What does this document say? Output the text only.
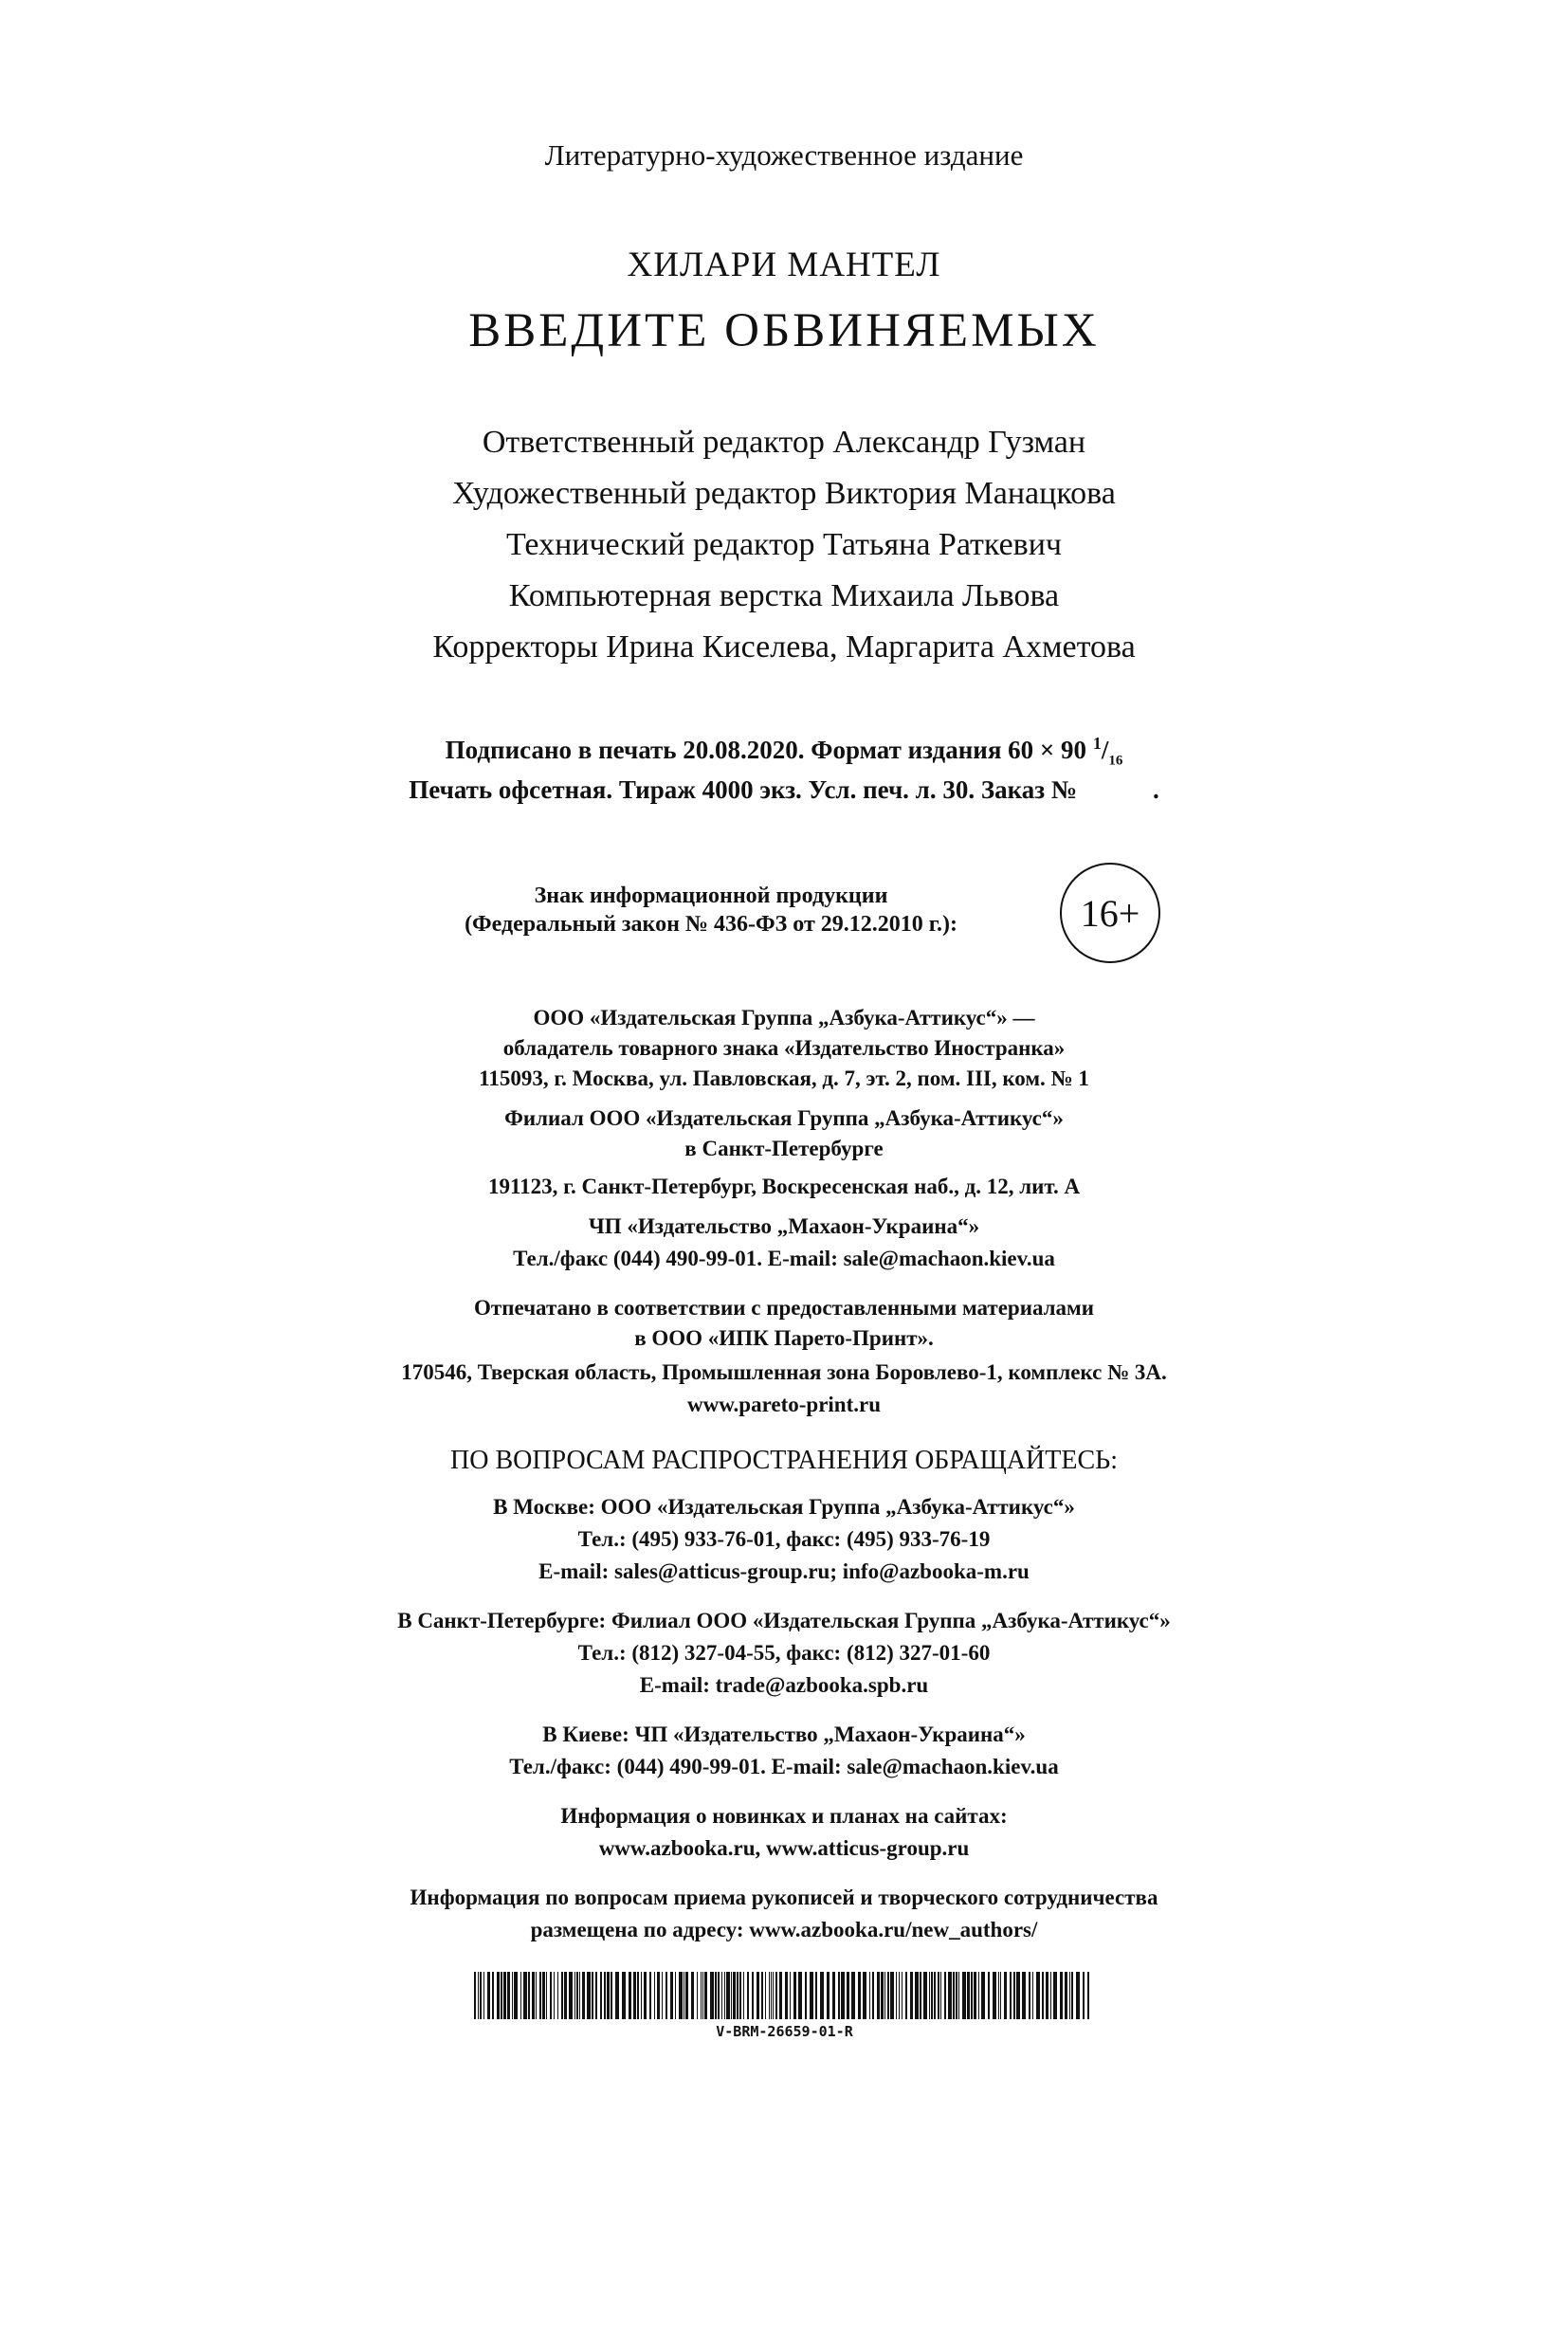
Литературно-художественное издание
ХИЛАРИ МАНТЕЛ
ВВЕДИТЕ ОБВИНЯЕМЫХ
Ответственный редактор Александр Гузман
Художественный редактор Виктория Манацкова
Технический редактор Татьяна Раткевич
Компьютерная верстка Михаила Львова
Корректоры Ирина Киселева, Маргарита Ахметова
Подписано в печать 20.08.2020. Формат издания 60 × 90 $^1/_{16}$
Печать офсетная. Тираж 4000 экз. Усл. печ. л. 30. Заказ №	.
Знак информационной продукции
(Федеральный закон № 436-ФЗ от 29.12.2010 г.):	16+
ООО «Издательская Группа „Азбука-Аттикус“» —
обладатель товарного знака «Издательство Иностранка»
115093, г. Москва, ул. Павловская, д. 7, эт. 2, пом. III, ком. № 1
Филиал ООО «Издательская Группа „Азбука-Аттикус“»
в Санкт-Петербурге
191123, г. Санкт-Петербург, Воскресенская наб., д. 12, лит. А
ЧП «Издательство „Махаон-Украина“»
Тел./факс (044) 490-99-01. E-mail: sale@machaon.kiev.ua
Отпечатано в соответствии с предоставленными материалами
в ООО «ИПК Парето-Принт».
170546, Тверская область, Промышленная зона Боровлево-1, комплекс № 3А.
www.pareto-print.ru
ПО ВОПРОСАМ РАСПРОСТРАНЕНИЯ ОБРАЩАЙТЕСЬ:
В Москве: ООО «Издательская Группа „Азбука-Аттикус“»
Тел.: (495) 933-76-01, факс: (495) 933-76-19
E-mail: sales@atticus-group.ru; info@azbooka-m.ru
В Санкт-Петербурге: Филиал ООО «Издательская Группа „Азбука-Аттикус“»
Тел.: (812) 327-04-55, факс: (812) 327-01-60
E-mail: trade@azbooka.spb.ru
В Киеве: ЧП «Издательство „Махаон-Украина“»
Тел./факс: (044) 490-99-01. E-mail: sale@machaon.kiev.ua
Информация о новинках и планах на сайтах:
www.azbooka.ru, www.atticus-group.ru
Информация по вопросам приема рукописей и творческого сотрудничества
размещена по адресу: www.azbooka.ru/new_authors/
V-BRM-26659-01-R
